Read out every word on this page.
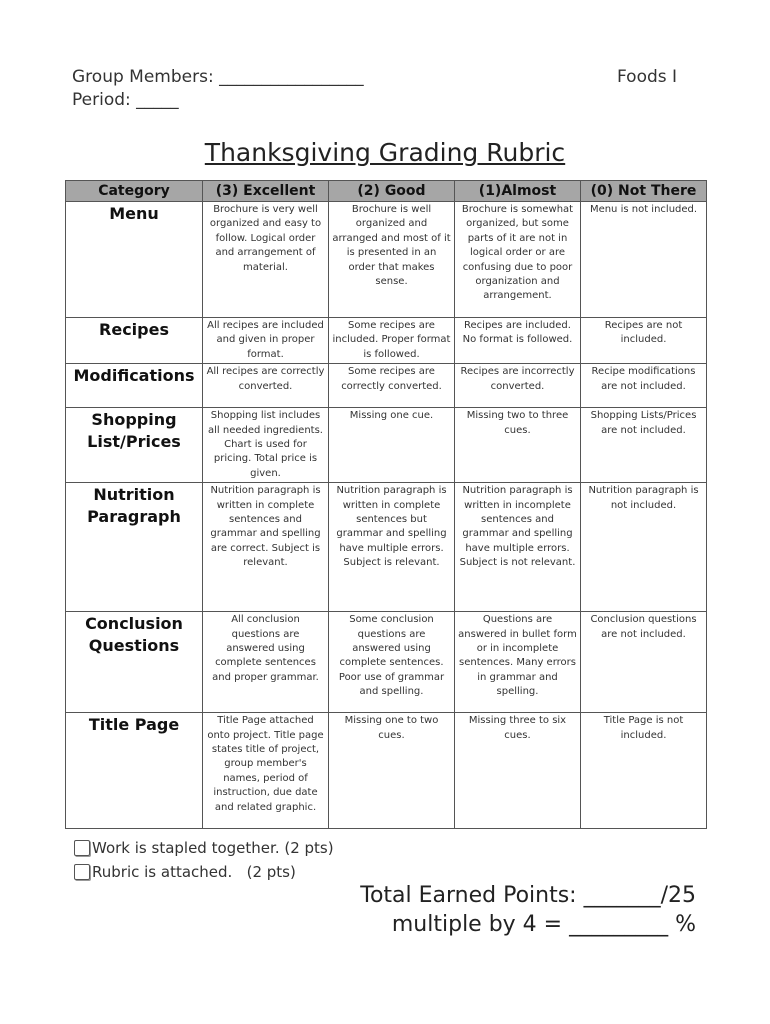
Group Members: _________________	Foods I
Period: _____
Thanksgiving Grading Rubric
Category	(3) Excellent	(2) Good	(1)Almost	(0) Not There
Menu	Brochure is very well organized and easy to follow. Logical order and arrangement of material.	Brochure is well organized and arranged and most of it is presented in an order that makes sense.	Brochure is somewhat organized, but some parts of it are not in logical order or are confusing due to poor organization and arrangement.	Menu is not included.
Recipes	All recipes are included and given in proper format.	Some recipes are included. Proper format is followed.	Recipes are included. No format is followed.	Recipes are not included.
Modifications	All recipes are correctly converted.	Some recipes are correctly converted.	Recipes are incorrectly converted.	Recipe modifications are not included.
Shopping List/Prices	Shopping list includes all needed ingredients. Chart is used for pricing. Total price is given.	Missing one cue.	Missing two to three cues.	Shopping Lists/Prices are not included.
Nutrition Paragraph	Nutrition paragraph is written in complete sentences and grammar and spelling are correct. Subject is relevant.	Nutrition paragraph is written in complete sentences but grammar and spelling have multiple errors. Subject is relevant.	Nutrition paragraph is written in incomplete sentences and grammar and spelling have multiple errors. Subject is not relevant.	Nutrition paragraph is not included.
Conclusion Questions	All conclusion questions are answered using complete sentences and proper grammar.	Some conclusion questions are answered using complete sentences. Poor use of grammar and spelling.	Questions are answered in bullet form or in incomplete sentences. Many errors in grammar and spelling.	Conclusion questions are not included.
Title Page	Title Page attached onto project. Title page states title of project, group member's names, period of instruction, due date and related graphic.	Missing one to two cues.	Missing three to six cues.	Title Page is not included.
Work is stapled together. (2 pts)
Rubric is attached.   (2 pts)
Total Earned Points: _______/25
multiple by 4 = _________ %
